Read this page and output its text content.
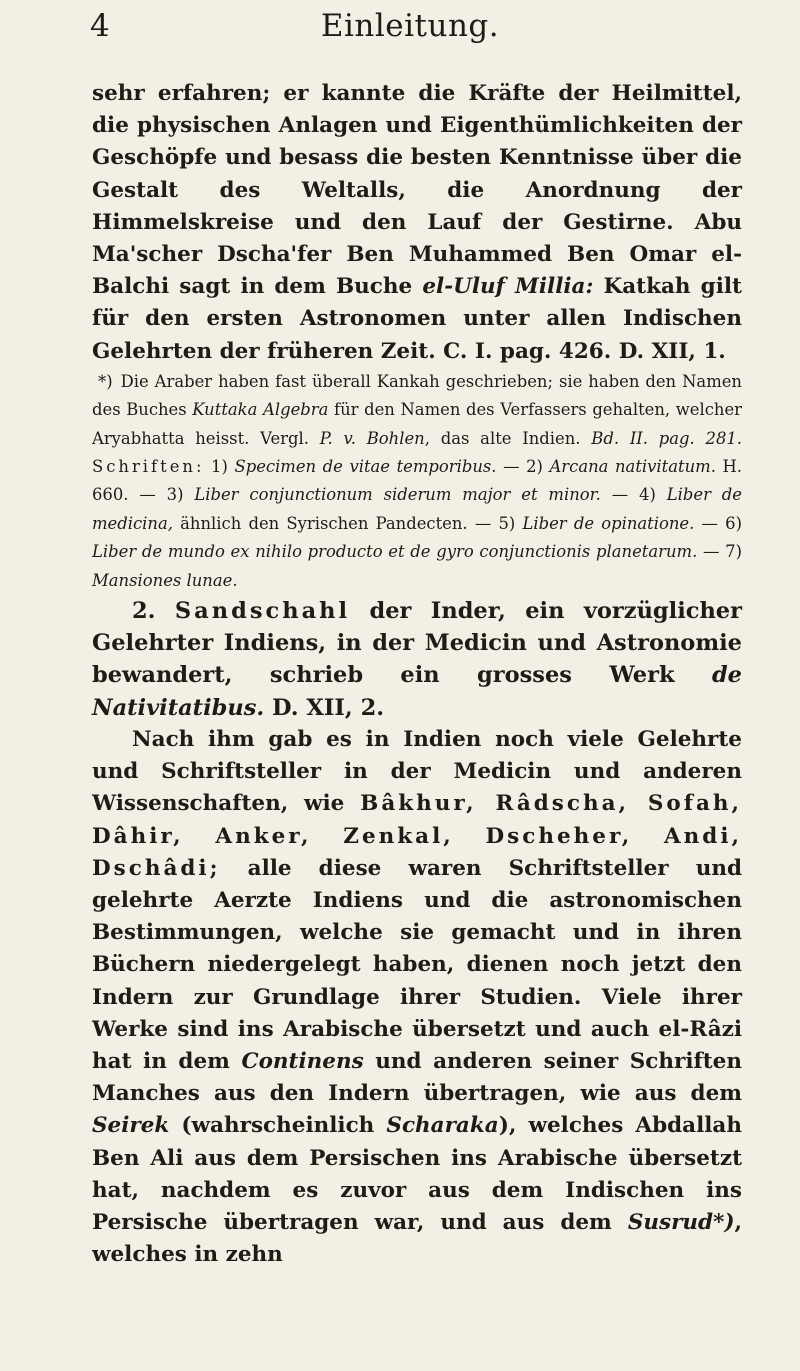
4	Einleitung.

sehr erfahren; er kannte die Kräfte der Heilmittel, die physischen Anlagen und Eigenthümlichkeiten der Geschöpfe und besass die besten Kenntnisse über die Gestalt des Weltalls, die Anordnung der Himmelskreise und den Lauf der Gestirne. Abu Ma'scher Dscha'fer Ben Muhammed Ben Omar el-Balchi sagt in dem Buche el-Uluf Millia: Katkah gilt für den ersten Astronomen unter allen Indischen Gelehrten der früheren Zeit. C. I. pag. 426. D. XII, 1.

*) Die Araber haben fast überall Kankah geschrieben; sie haben den Namen des Buches Kuttaka Algebra für den Namen des Verfassers gehalten, welcher Aryabhatta heisst. Vergl. P. v. Bohlen, das alte Indien. Bd. II. pag. 281. Schriften: 1) Specimen de vitae temporibus. — 2) Arcana nativitatum. H. 660. — 3) Liber conjunctionum siderum major et minor. — 4) Liber de medicina, ähnlich den Syrischen Pandecten. — 5) Liber de opinatione. — 6) Liber de mundo ex nihilo producto et de gyro conjunctionis planetarum. — 7) Mansiones lunae.

2. Sandschahl der Inder, ein vorzüglicher Gelehrter Indiens, in der Medicin und Astronomie bewandert, schrieb ein grosses Werk de Nativitatibus. D. XII, 2.

Nach ihm gab es in Indien noch viele Gelehrte und Schriftsteller in der Medicin und anderen Wissenschaften, wie Bâkhur, Râdscha, Sofah, Dâhir, Anker, Zenkal, Dscheher, Andi, Dschâdi; alle diese waren Schriftsteller und gelehrte Aerzte Indiens und die astronomischen Bestimmungen, welche sie gemacht und in ihren Büchern niedergelegt haben, dienen noch jetzt den Indern zur Grundlage ihrer Studien. Viele ihrer Werke sind ins Arabische übersetzt und auch el-Râzi hat in dem Continens und anderen seiner Schriften Manches aus den Indern übertragen, wie aus dem Seirek (wahrscheinlich Scharaka), welches Abdallah Ben Ali aus dem Persischen ins Arabische übersetzt hat, nachdem es zuvor aus dem Indischen ins Persische übertragen war, und aus dem Susrud*), welches in zehn
